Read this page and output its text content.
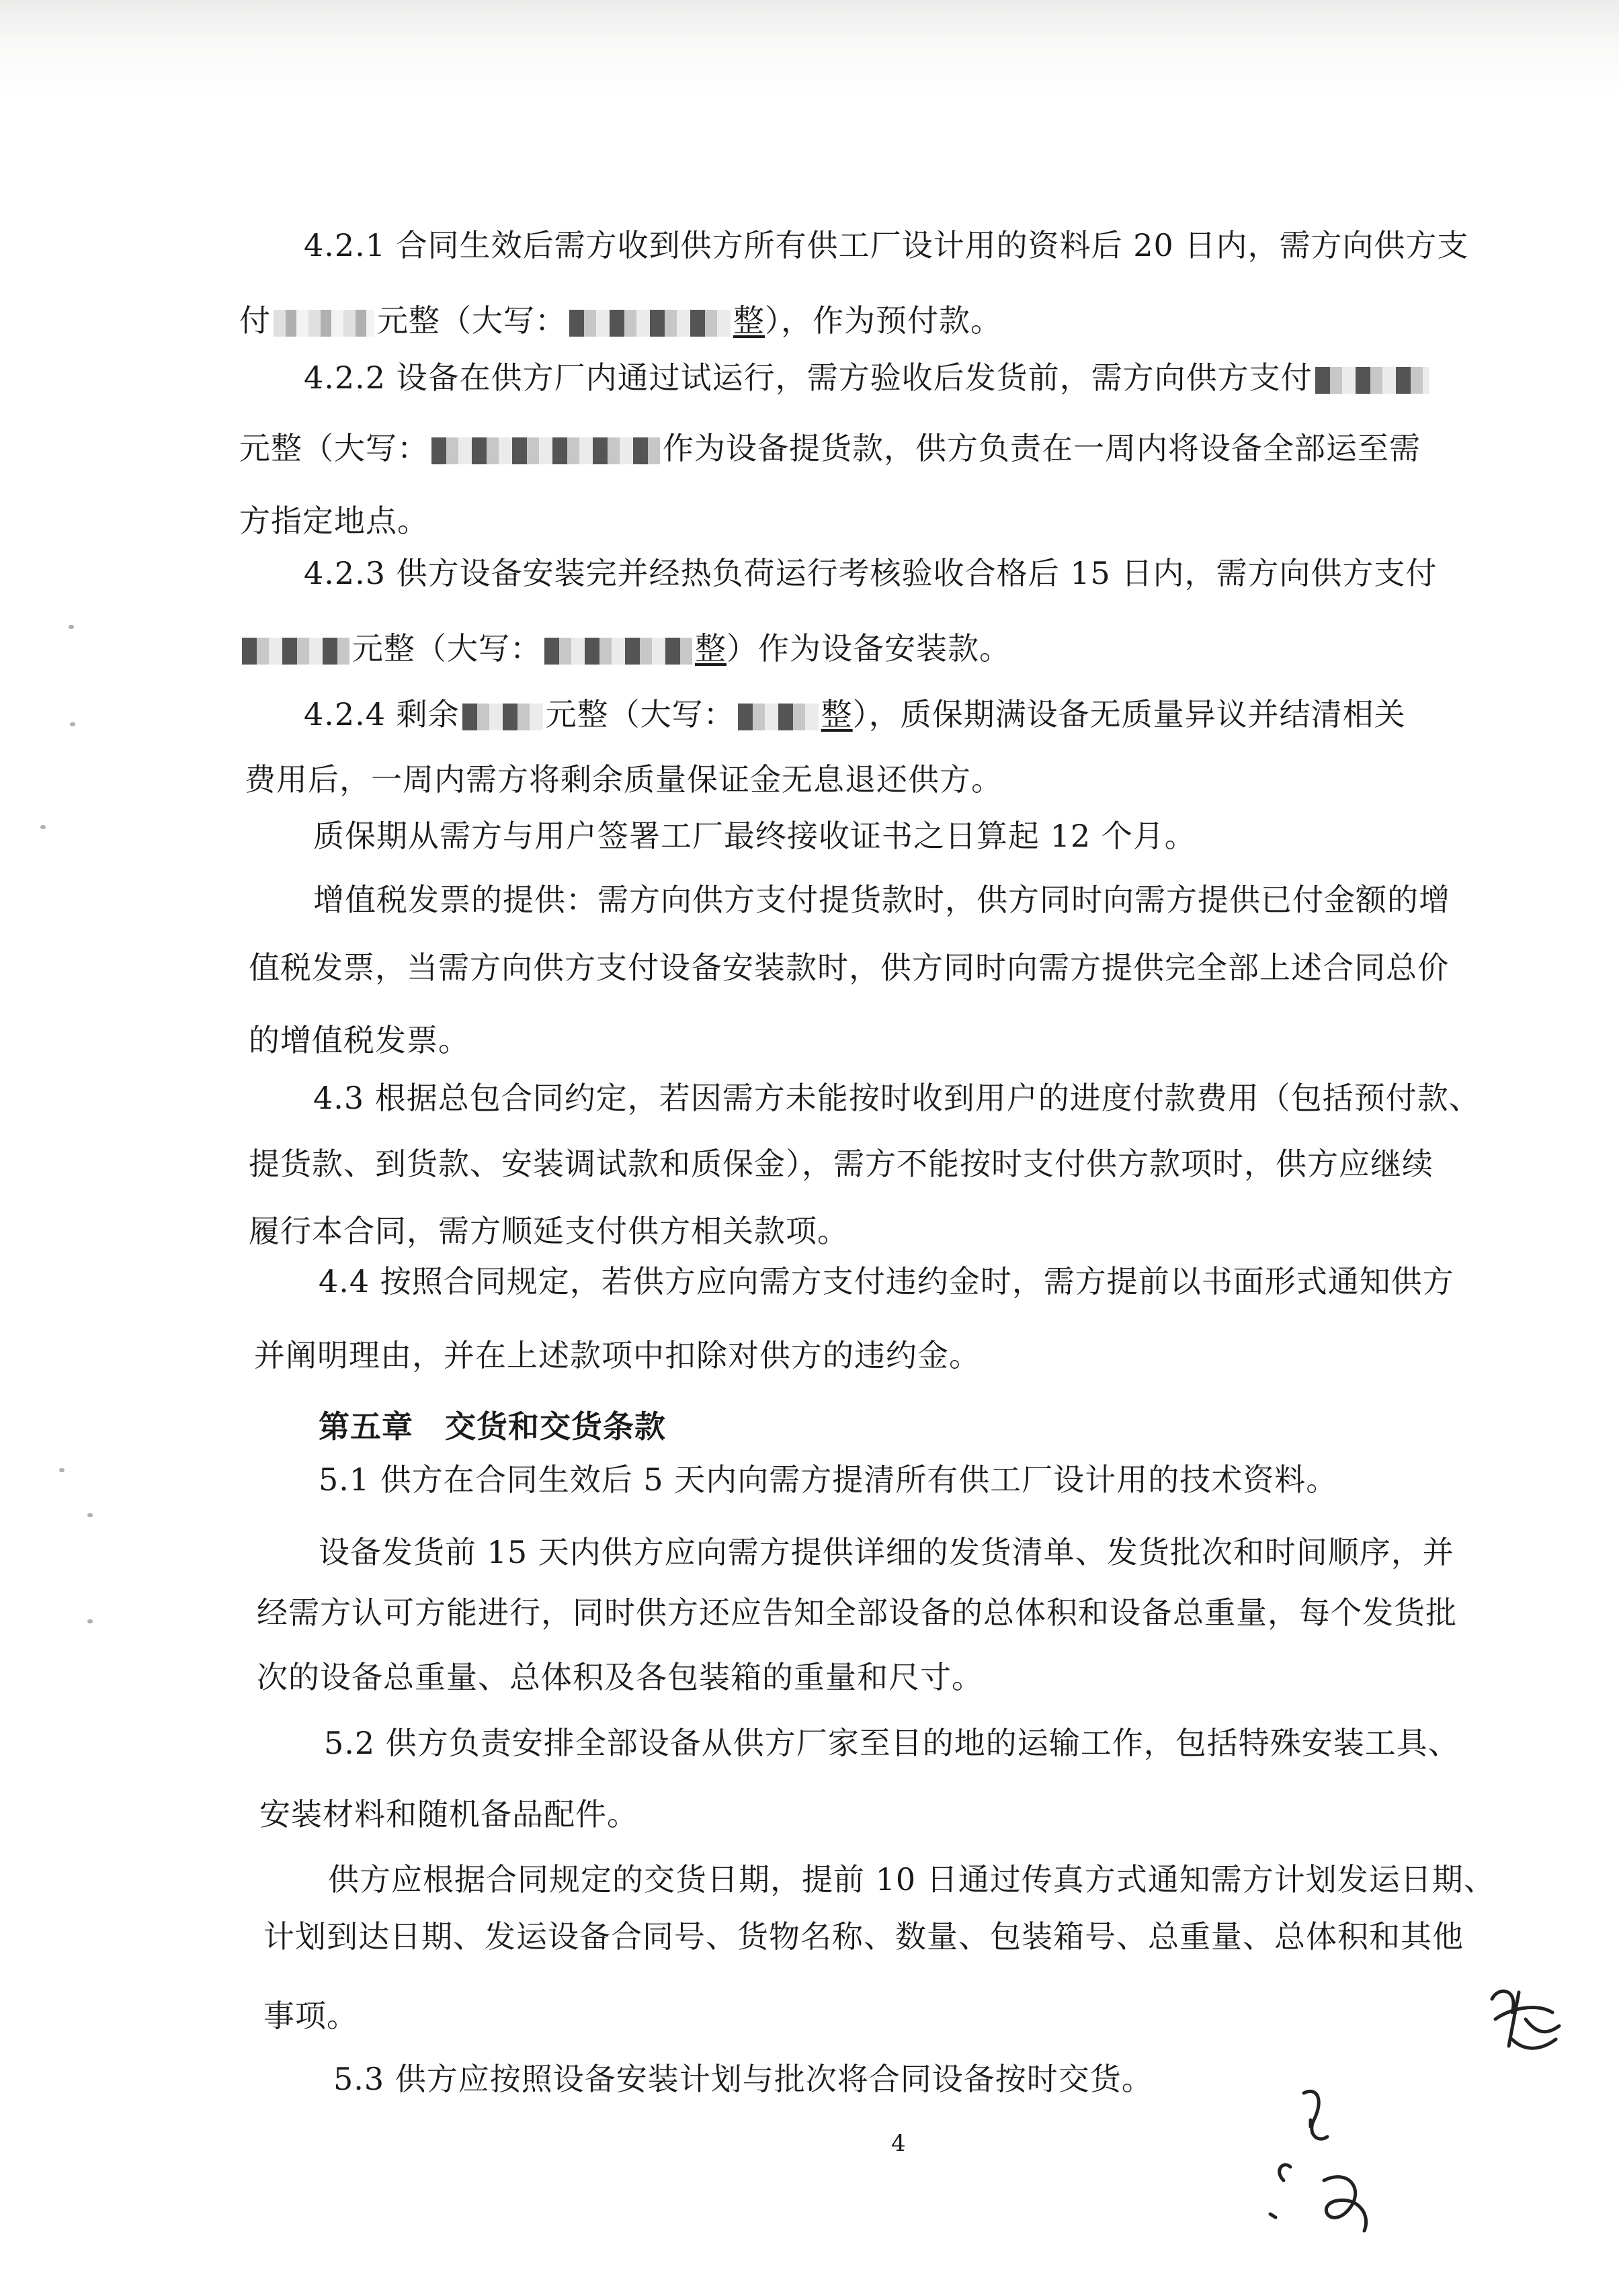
4.2.1 合同生效后需方收到供方所有供工厂设计用的资料后 20 日内，需方向供方支
付	元整（大写：	整），作为预付款。
4.2.2 设备在供方厂内通过试运行，需方验收后发货前，需方向供方支付
元整（大写：	作为设备提货款，供方负责在一周内将设备全部运至需
方指定地点。
4.2.3 供方设备安装完并经热负荷运行考核验收合格后 15 日内，需方向供方支付
元整（大写：	整）作为设备安装款。
4.2.4 剩余	元整（大写：	整），质保期满设备无质量异议并结清相关
费用后，一周内需方将剩余质量保证金无息退还供方。
质保期从需方与用户签署工厂最终接收证书之日算起 12 个月。
增值税发票的提供：需方向供方支付提货款时，供方同时向需方提供已付金额的增
值税发票，当需方向供方支付设备安装款时，供方同时向需方提供完全部上述合同总价
的增值税发票。
4.3 根据总包合同约定，若因需方未能按时收到用户的进度付款费用（包括预付款、
提货款、到货款、安装调试款和质保金），需方不能按时支付供方款项时，供方应继续
履行本合同，需方顺延支付供方相关款项。
4.4 按照合同规定，若供方应向需方支付违约金时，需方提前以书面形式通知供方
并阐明理由，并在上述款项中扣除对供方的违约金。
第五章　交货和交货条款
5.1 供方在合同生效后 5 天内向需方提清所有供工厂设计用的技术资料。
设备发货前 15 天内供方应向需方提供详细的发货清单、发货批次和时间顺序，并
经需方认可方能进行，同时供方还应告知全部设备的总体积和设备总重量，每个发货批
次的设备总重量、总体积及各包装箱的重量和尺寸。
5.2 供方负责安排全部设备从供方厂家至目的地的运输工作，包括特殊安装工具、
安装材料和随机备品配件。
供方应根据合同规定的交货日期，提前 10 日通过传真方式通知需方计划发运日期、
计划到达日期、发运设备合同号、货物名称、数量、包装箱号、总重量、总体积和其他
事项。
5.3 供方应按照设备安装计划与批次将合同设备按时交货。
4
